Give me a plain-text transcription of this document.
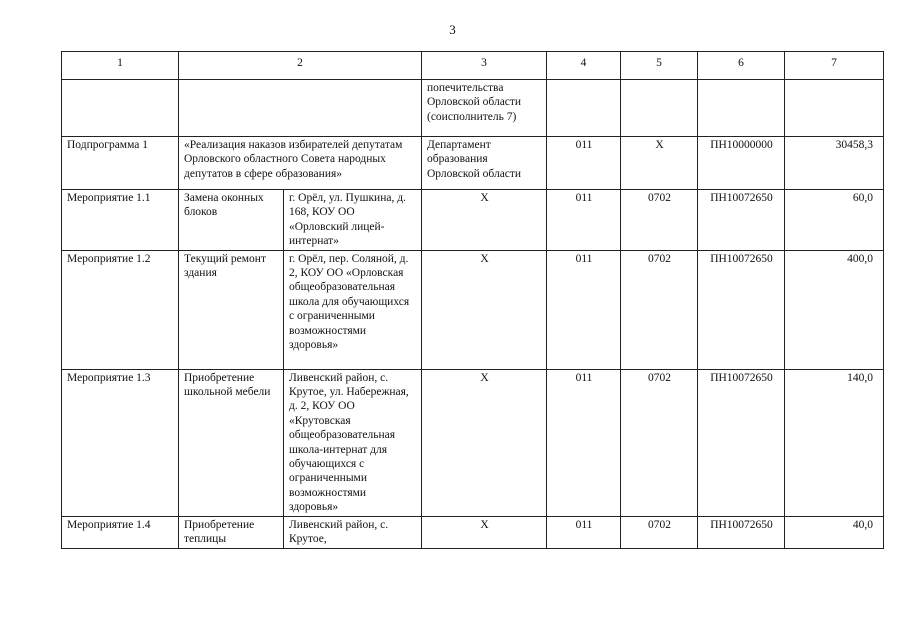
3
1	2		3	4	5	6	7
			попечительства Орловской области (соисполнитель 7)				
Подпрограмма 1	«Реализация наказов избирателей депутатам Орловского областного Совета народных депутатов в сфере образования»		Департамент образования Орловской области	011	Х	ПН10000000	30458,3
Мероприятие 1.1	Замена оконных блоков	г. Орёл, ул. Пушкина, д. 168, КОУ ОО «Орловский лицей-интернат»	Х	011	0702	ПН10072650	60,0
Мероприятие 1.2	Текущий ремонт здания	г. Орёл, пер. Соляной, д. 2, КОУ ОО «Орловская общеобразовательная школа для обучающихся с ограниченными возможностями здоровья»	Х	011	0702	ПН10072650	400,0
Мероприятие 1.3	Приобретение школьной мебели	Ливенский район, с. Крутое, ул. Набережная, д. 2, КОУ ОО «Крутовская общеобразовательная школа-интернат для обучающихся с ограниченными возможностями здоровья»	Х	011	0702	ПН10072650	140,0
Мероприятие 1.4	Приобретение теплицы	Ливенский район, с. Крутое,	Х	011	0702	ПН10072650	40,0
